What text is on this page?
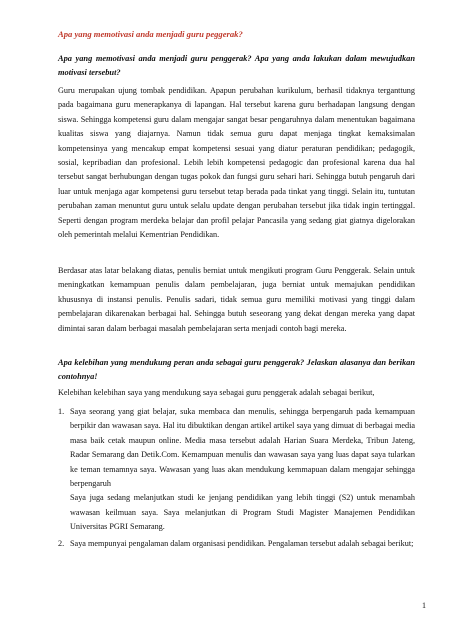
Apa yang memotivasi anda menjadi guru peggerak?
Apa yang memotivasi anda menjadi guru penggerak? Apa yang anda lakukan dalam mewujudkan motivasi tersebut?
Guru merupakan ujung tombak pendidikan. Apapun perubahan kurikulum, berhasil tidaknya terganttung pada bagaimana guru menerapkanya di lapangan. Hal tersebut karena guru berhadapan langsung dengan siswa. Sehingga kompetensi guru dalam mengajar sangat besar pengaruhnya dalam menentukan bagaimana kualitas siswa yang diajarnya. Namun tidak semua guru dapat menjaga tingkat kemaksimalan kompetensinya yang mencakup empat kompetensi sesuai yang diatur peraturan pendidikan; pedagogik, sosial, kepribadian dan profesional. Lebih lebih kompetensi pedagogic dan profesional karena dua hal tersebut sangat berhubungan dengan tugas pokok dan fungsi guru sehari hari. Sehingga butuh pengaruh dari luar untuk menjaga agar kompetensi guru tersebut tetap berada pada tinkat yang tinggi. Selain itu, tuntutan perubahan zaman menuntut guru untuk selalu update dengan perubahan tersebut jika tidak ingin tertinggal. Seperti dengan program merdeka belajar dan profil pelajar Pancasila yang sedang giat giatnya digelorakan oleh pemerintah melalui Kementrian Pendidikan.
Berdasar atas latar belakang diatas, penulis berniat untuk mengikuti program Guru Penggerak. Selain untuk meningkatkan kemampuan penulis dalam pembelajaran, juga berniat untuk memajukan pendidikan khususnya di instansi penulis. Penulis sadari, tidak semua guru memiliki motivasi yang tinggi dalam pembelajaran dikarenakan berbagai hal. Sehingga butuh seseorang yang dekat dengan mereka yang dapat dimintai saran dalam berbagai masalah pembelajaran serta menjadi contoh bagi mereka.
Apa kelebihan yang mendukung peran anda sebagai guru penggerak? Jelaskan alasanya dan berikan contohnya!
Kelebihan kelebihan saya yang mendukung saya sebagai guru penggerak adalah sebagai berikut,
1. Saya seorang yang giat belajar, suka membaca dan menulis, sehingga berpengaruh pada kemampuan berpikir dan wawasan saya. Hal itu dibuktikan dengan artikel artikel saya yang dimuat di berbagai media masa baik cetak maupun online. Media masa tersebut adalah Harian Suara Merdeka, Tribun Jateng, Radar Semarang dan Detik.Com. Kemampuan menulis dan wawasan saya yang luas dapat saya tularkan ke teman temamnya saya. Wawasan yang luas akan mendukung kemmapuan dalam mengajar sehingga berpengaruh
Saya juga sedang melanjutkan studi ke jenjang pendidikan yang lebih tinggi (S2) untuk menambah wawasan keilmuan saya. Saya melanjutkan di Program Studi Magister Manajemen Pendidikan Universitas PGRI Semarang.
2. Saya mempunyai pengalaman dalam organisasi pendidikan. Pengalaman tersebut adalah sebagai berikut;
1
